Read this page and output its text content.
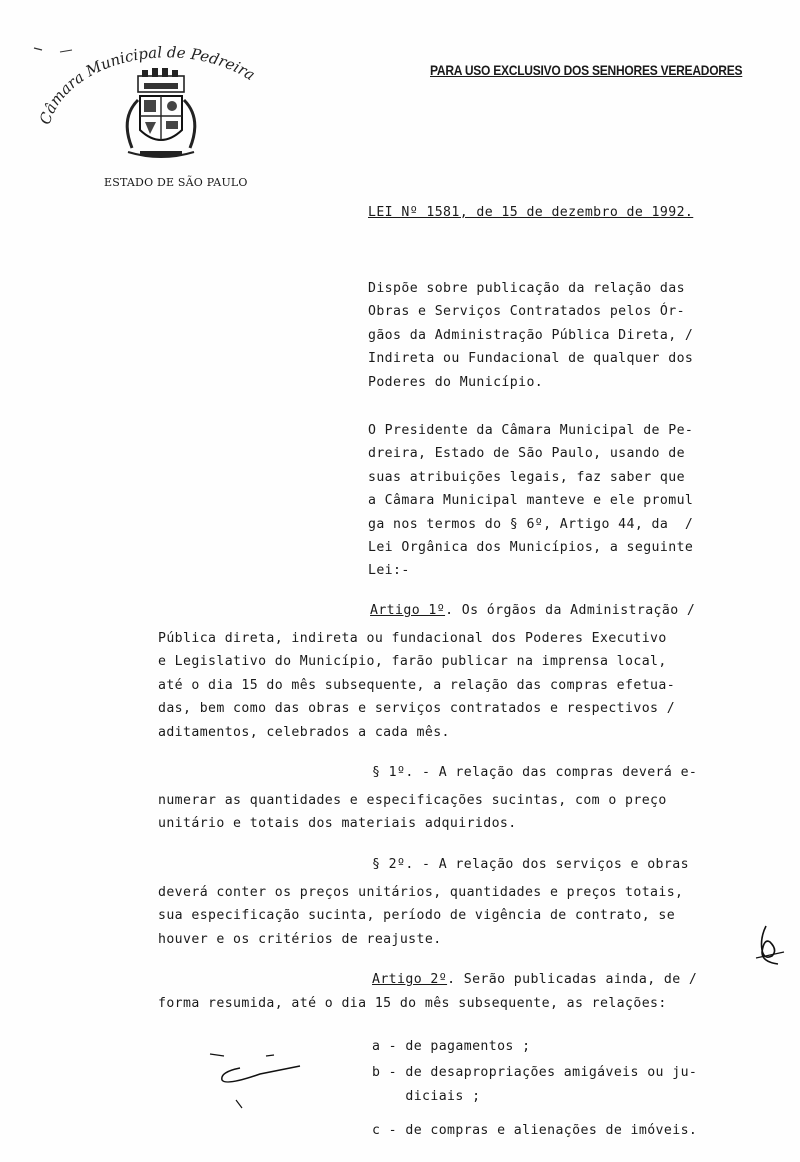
Câmara Municipal de Pedreira
ESTADO DE SÃO PAULO
PARA USO EXCLUSIVO DOS SENHORES VEREADORES
LEI Nº 1581, de 15 de dezembro de 1992.
Dispõe sobre publicação da relação das
Obras e Serviços Contratados pelos Ór-
gãos da Administração Pública Direta, /
Indireta ou Fundacional de qualquer dos
Poderes do Município.
O Presidente da Câmara Municipal de Pe-
dreira, Estado de São Paulo, usando de
suas atribuições legais, faz saber que
a Câmara Municipal manteve e ele promul
ga nos termos do § 6º, Artigo 44, da  /
Lei Orgânica dos Municípios, a seguinte
Lei:-
Artigo 1º. Os órgãos da Administração /
Pública direta, indireta ou fundacional dos Poderes Executivo
e Legislativo do Município, farão publicar na imprensa local,
até o dia 15 do mês subsequente, a relação das compras efetua-
das, bem como das obras e serviços contratados e respectivos /
aditamentos, celebrados a cada mês.
§ 1º. - A relação das compras deverá e-
numerar as quantidades e especificações sucintas, com o preço
unitário e totais dos materiais adquiridos.
§ 2º. - A relação dos serviços e obras
deverá conter os preços unitários, quantidades e preços totais,
sua especificação sucinta, período de vigência de contrato, se
houver e os critérios de reajuste.
Artigo 2º. Serão publicadas ainda, de /
forma resumida, até o dia 15 do mês subsequente, as relações:
a - de pagamentos ;
b - de desapropriações amigáveis ou ju-
diciais ;
c - de compras e alienações de imóveis.
